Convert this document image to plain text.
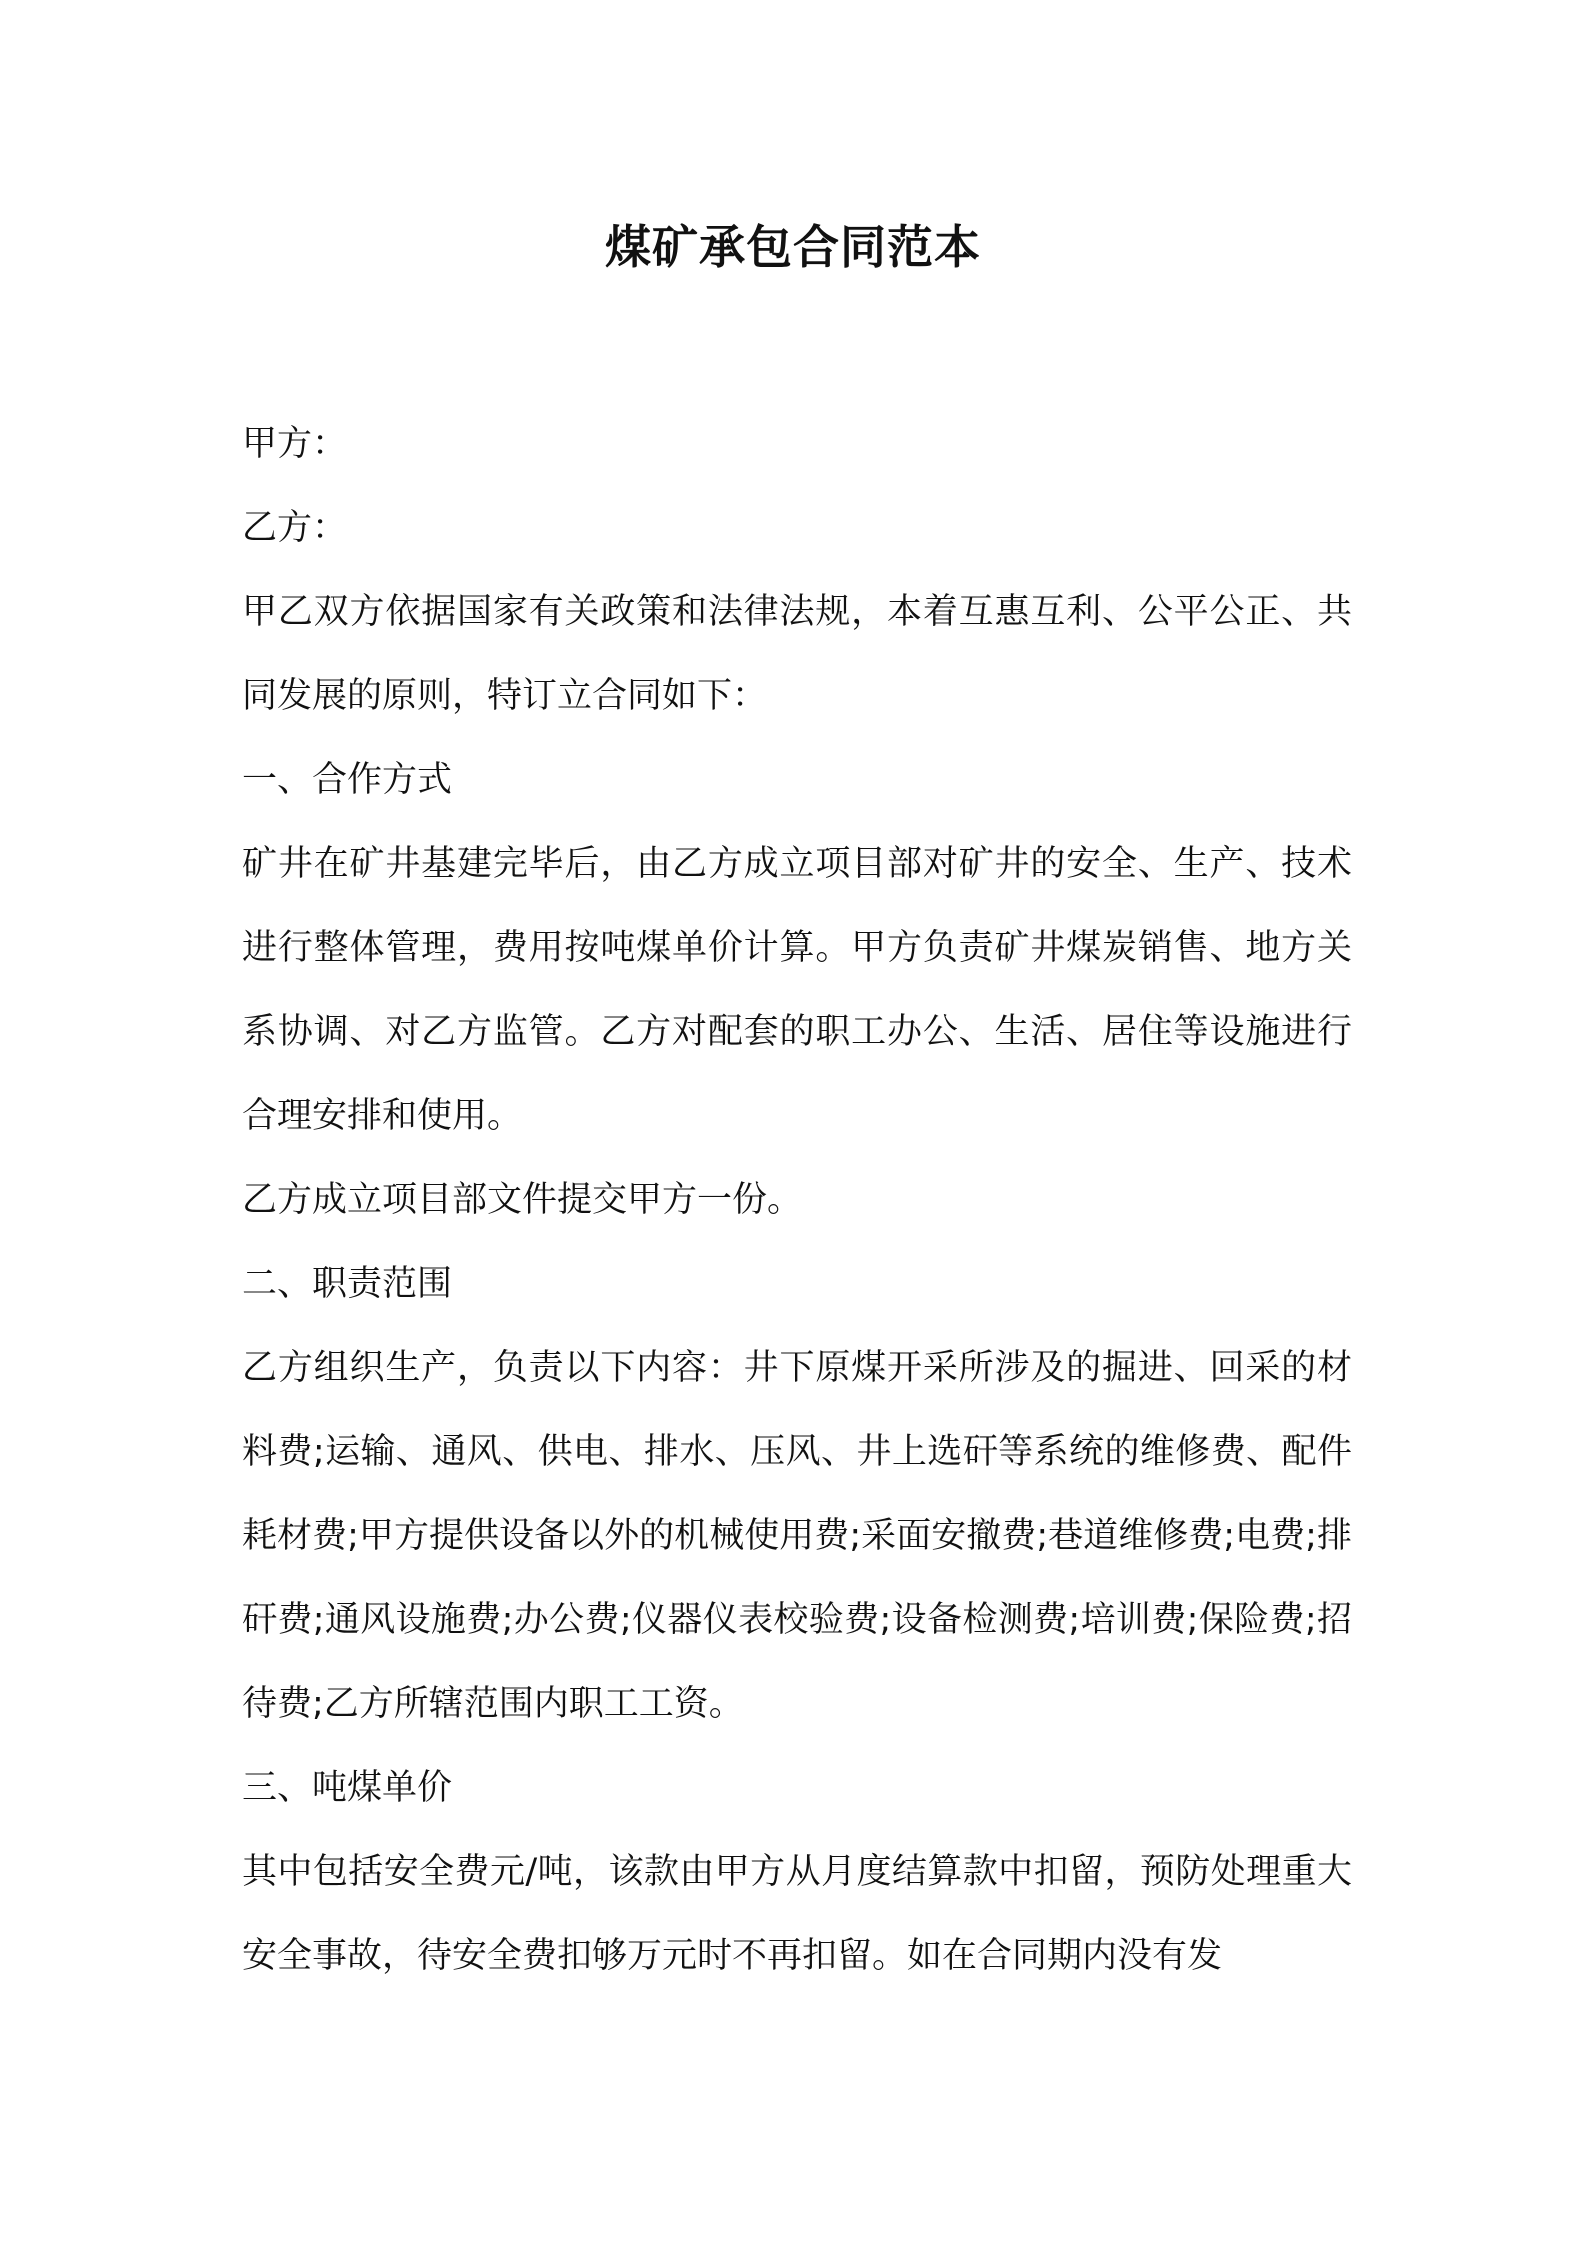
煤矿承包合同范本

甲方：

乙方：

甲乙双方依据国家有关政策和法律法规，本着互惠互利、公平公正、共同发展的原则，特订立合同如下：

一、合作方式

矿井在矿井基建完毕后，由乙方成立项目部对矿井的安全、生产、技术进行整体管理，费用按吨煤单价计算。甲方负责矿井煤炭销售、地方关系协调、对乙方监管。乙方对配套的职工办公、生活、居住等设施进行合理安排和使用。

乙方成立项目部文件提交甲方一份。

二、职责范围

乙方组织生产，负责以下内容：井下原煤开采所涉及的掘进、回采的材料费;运输、通风、供电、排水、压风、井上选矸等系统的维修费、配件耗材费;甲方提供设备以外的机械使用费;采面安撤费;巷道维修费;电费;排矸费;通风设施费;办公费;仪器仪表校验费;设备检测费;培训费;保险费;招待费;乙方所辖范围内职工工资。

三、吨煤单价

其中包括安全费元/吨，该款由甲方从月度结算款中扣留，预防处理重大安全事故，待安全费扣够万元时不再扣留。如在合同期内没有发
